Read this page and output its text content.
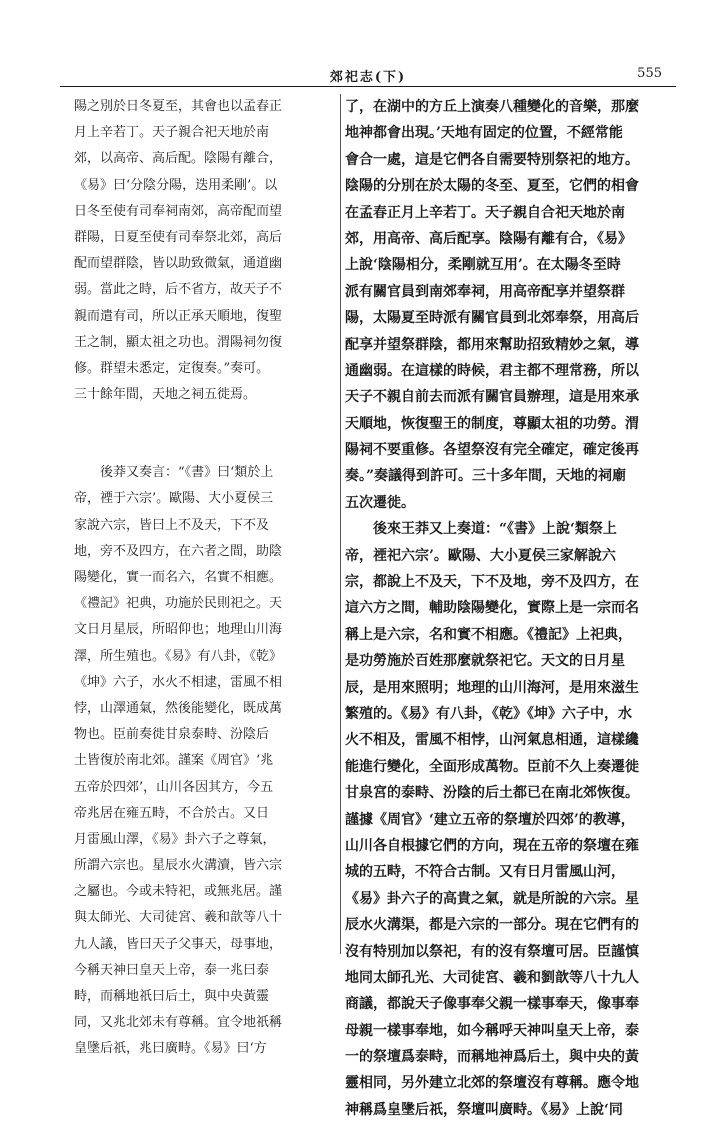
郊祀志(下)	555
陽之別於日冬夏至，其會也以孟春正
月上辛若丁。天子親合祀天地於南
郊，以高帝、高后配。陰陽有離合，
《易》曰‘分陰分陽，迭用柔剛’。以
日冬至使有司奉祠南郊，高帝配而望
群陽，日夏至使有司奉祭北郊，高后
配而望群陰，皆以助致微氣，通道幽
弱。當此之時，后不省方，故天子不
親而遣有司，所以正承天順地，復聖
王之制，顯太祖之功也。渭陽祠勿復
修。群望未悉定，定復奏。”奏可。
三十餘年間，天地之祠五徙焉。
　　後莽又奏言：“《書》曰‘類於上
帝，禋于六宗’。歐陽、大小夏侯三
家說六宗，皆曰上不及天，下不及
地，旁不及四方，在六者之間，助陰
陽變化，實一而名六，名實不相應。
《禮記》祀典，功施於民則祀之。天
文日月星辰，所昭仰也；地理山川海
澤，所生殖也。《易》有八卦，《乾》
《坤》六子，水火不相逮，雷風不相
悖，山澤通氣，然後能變化，既成萬
物也。臣前奏徙甘泉泰畤、汾陰后
土皆復於南北郊。謹案《周官》‘兆
五帝於四郊’，山川各因其方，今五
帝兆居在雍五畤，不合於古。又日
月雷風山澤，《易》卦六子之尊氣，
所謂六宗也。星辰水火溝瀆，皆六宗
之屬也。今或未特祀，或無兆居。謹
與太師光、大司徒宮、羲和歆等八十
九人議，皆曰天子父事天，母事地，
今稱天神曰皇天上帝，泰一兆曰泰
畤，而稱地祇曰后土，與中央黃靈
同，又兆北郊未有尊稱。宜令地祇稱
皇墬后祇，兆曰廣畤。《易》曰‘方
了，在湖中的方丘上演奏八種變化的音樂，那麼
地神都會出現。’天地有固定的位置，不經常能
會合一處，這是它們各自需要特別祭祀的地方。
陰陽的分別在於太陽的冬至、夏至，它們的相會
在孟春正月上辛若丁。天子親自合祀天地於南
郊，用高帝、高后配享。陰陽有離有合，《易》
上說‘陰陽相分，柔剛就互用’。在太陽冬至時
派有關官員到南郊奉祠，用高帝配享并望祭群
陽，太陽夏至時派有關官員到北郊奉祭，用高后
配享并望祭群陰，都用來幫助招致精妙之氣，導
通幽弱。在這樣的時候，君主都不理常務，所以
天子不親自前去而派有關官員辦理，這是用來承
天順地，恢復聖王的制度，尊顯太祖的功勞。渭
陽祠不要重修。各望祭沒有完全確定，確定後再
奏。”奏議得到許可。三十多年間，天地的祠廟
五次遷徙。
　　後來王莽又上奏道：“《書》上說‘類祭上
帝，禋祀六宗’。歐陽、大小夏侯三家解說六
宗，都說上不及天，下不及地，旁不及四方，在
這六方之間，輔助陰陽變化，實際上是一宗而名
稱上是六宗，名和實不相應。《禮記》上祀典，
是功勞施於百姓那麼就祭祀它。天文的日月星
辰，是用來照明；地理的山川海河，是用來滋生
繁殖的。《易》有八卦，《乾》《坤》六子中，水
火不相及，雷風不相悖，山河氣息相通，這樣纔
能進行變化，全面形成萬物。臣前不久上奏遷徙
甘泉宮的泰畤、汾陰的后土都已在南北郊恢復。
謹據《周官》‘建立五帝的祭壇於四郊’的教導，
山川各自根據它們的方向，現在五帝的祭壇在雍
城的五畤，不符合古制。又有日月雷風山河，
《易》卦六子的高貴之氣，就是所說的六宗。星
辰水火溝渠，都是六宗的一部分。現在它們有的
沒有特別加以祭祀，有的沒有祭壇可居。臣謹慎
地同太師孔光、大司徒宮、羲和劉歆等八十九人
商議，都說天子像事奉父親一樣事奉天，像事奉
母親一樣事奉地，如今稱呼天神叫皇天上帝，泰
一的祭壇爲泰畤，而稱地神爲后土，與中央的黃
靈相同，另外建立北郊的祭壇沒有尊稱。應令地
神稱爲皇墬后祇，祭壇叫廣畤。《易》上說‘同
